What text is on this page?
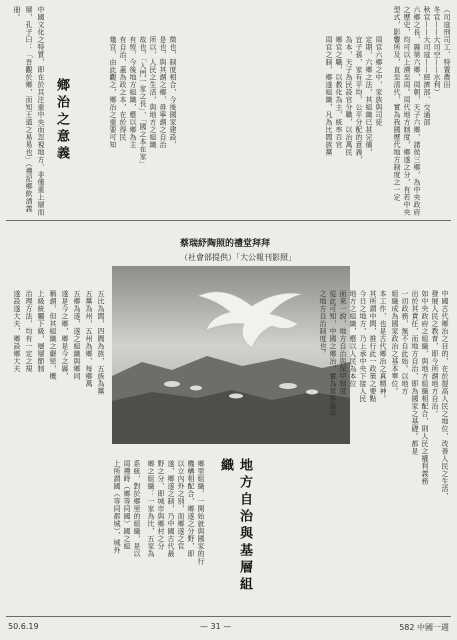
（司寇刑司工、特置農田
冬官——大司空——水利）
秋官——大司寇——經濟部、交通部
六鄉之長，縣第六鄉，周朝，天子六鄉，諸侯三鄉，為中央政府
之歷史，均可以上溯至周。周代地方制度，鄉遂之分，有若中央
型式，影響所及，直至清代，實為我國歷代地方制度之一定
周官六鄉之中，家族與司徒
定期，六鄉之法，其組織已甚完備，
宜子孫，家有平均，公平分配的意義，
為本，天子為民設官分職，以治萬民
鄉官之職，以教化為主，統率百官
周官之制，鄉遂組織，凡為比閭族黨
徵也，制度相合，今後國家建設，
是也，與其謂之鄉，毋寧謂之自治
所以，人民之生活，與地方之組織
故也，「入門一家之長」、「國之本在家」
有恆，今後地方組織，應以鄉為主
有自治，蓋為政之本，在於得民
幾宜，由此觀之，鄉治之重要可知
鄉治之意義
中國文化之特質，即在於其注重中央而忽視地方、非僅重上層而
層，孔子曰：「吾觀於鄉，而知王道之易易也」（禮記鄉飲酒義
冊。
蔡瑞紓陶照的禮堂拜拜
（社會部提供）「大公報刊影照」
中國古代鄉治之目的，在於提高人民之地位，改善人民之生活，
發展人民之教育，即今所謂地方自治。
如中央政府之組織，與地方組織相配合，則人民之權利義務
出於其責任，而地方自治，即為國家之基礎。都是
一切政務，無不自此始。以地方
組織成為國家政治之基本單位。
本工作，也是古代鄉治之真精神。
其所謂中間，推行此一政策之要點
今日之地方，乃上承中央下接人民
地方之組織，應以人民為本位
面來一說，地方自治與保甲制度
從此可知，中國之鄉治，實為世界最早
之地方自治制度也。
地方自治與基層組織
鄉里組織，一開始就與國家的行
機構相配合，鄉遂之分野，即
以立內外之別，而鄉遂之官
遂，鄉遂之制，乃中國古代最
野之分，即城市與鄉村之分
鄉之組織：一家為比，五家為
系統，對於鄉里的組織，是以
周禮時（鄉等同國）國之組
上所謂國（等同都城），城外
五比為閭，四閭為族，五族為黨
五黨為州，五州為鄉，每鄉萬
五鄉為遂，遂之組織與鄉同
遂是今之鄉，鄉是今之縣，
稱謂，但其組織之嚴密，概
上級統屬下級，層層節制
治理方法，均有一定之規
遂設遂大夫，鄉設鄉大夫
50.6.19	— 31 —	582 中國一週
